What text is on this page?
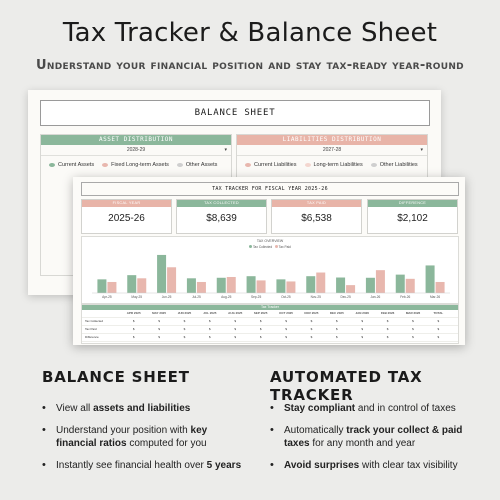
Tax Tracker & Balance Sheet
Understand your financial position and stay tax-ready year-round
BALANCE SHEET
ASSET DISTRIBUTION
2028-29	▾
Current Assets	Fixed Long-term Assets	Other Assets
LIABILITIES DISTRIBUTION
2027-28	▾
Current Liabilities	Long-term Liabilities	Other Liabilities
TAX TRACKER FOR FISCAL YEAR 2025-26
FISCAL YEAR
2025-26
TAX COLLECTED
$8,639
TAX PAID
$6,538
DIFFERENCE
$2,102
TAX OVERVIEW
Tax Collected Tax Paid
Apr-25	May-25	Jun-25	Jul-25	Aug-25	Sep-25	Oct-25	Nov-25	Dec-25	Jan-26	Feb-26	Mar-26
Tax Tracker
APR 2025	MAY 2025	JUN 2025	JUL 2025	AUG 2025	SEP 2025	OCT 2025	NOV 2025	DEC 2025	JAN 2026	FEB 2026	MAR 2026	TOTAL
Tax Collected	$	$	$	$	$	$	$	$	$	$	$	$	$
Tax Paid	$	$	$	$	$	$	$	$	$	$	$	$	$
Difference	$	$	$	$	$	$	$	$	$	$	$	$	$
BALANCE SHEET
• View all assets and liabilities
• Understand your position with key financial ratios computed for you
• Instantly see financial health over 5 years
AUTOMATED TAX TRACKER
• Stay compliant and in control of taxes
• Automatically track your collect & paid taxes for any month and year
• Avoid surprises with clear tax visibility
